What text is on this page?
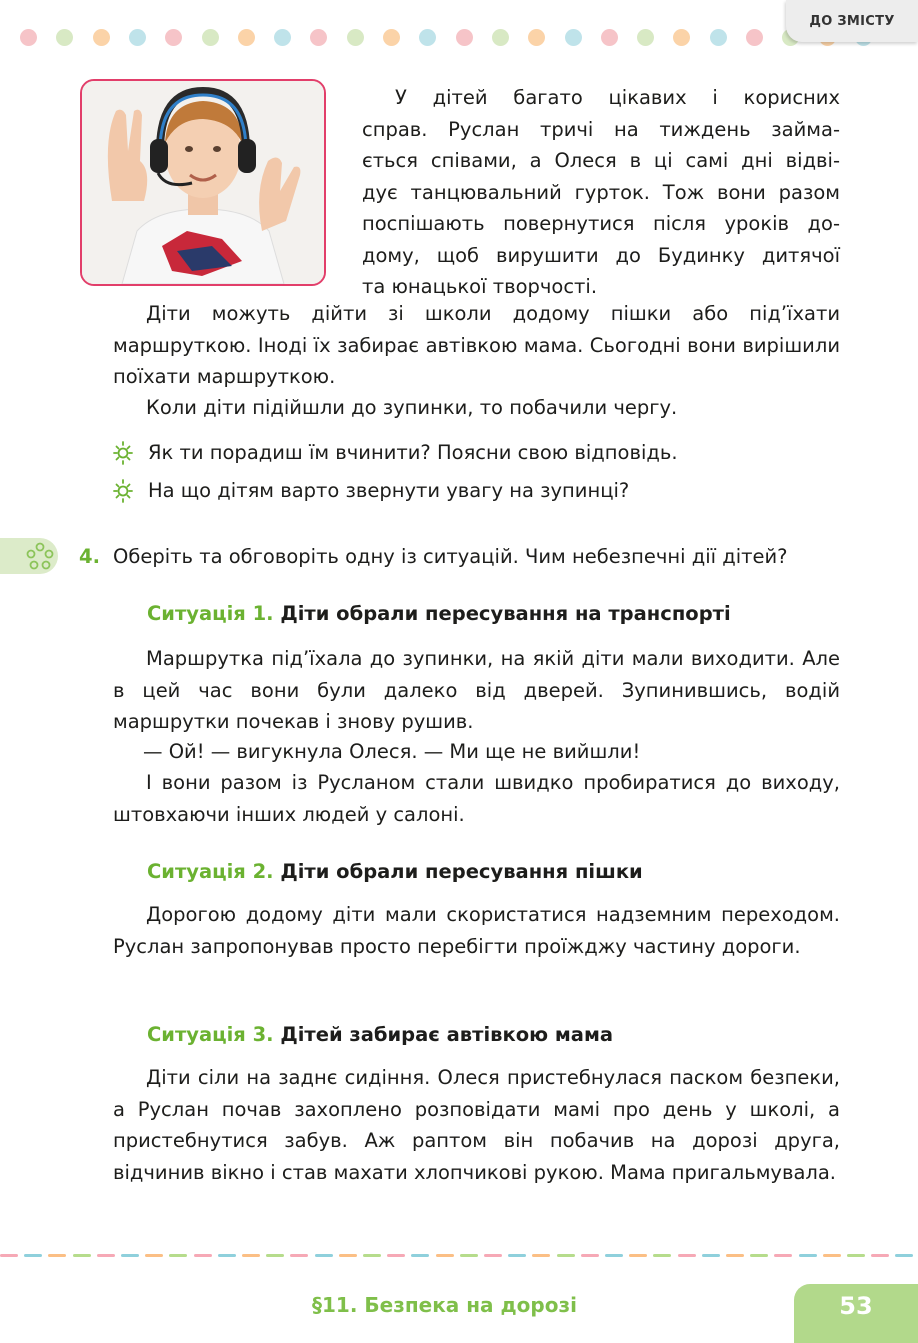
ДО ЗМІСТУ
У дітей багато цікавих і корисних
справ. Руслан тричі на тиждень займа-
ється співами, а Олеся в ці самі дні відві-
дує танцювальний гурток. Тож вони разом
поспішають повернутися після уроків до-
дому, щоб вирушити до Будинку дитячої
та юнацької творчості.

Діти можуть дійти зі школи додому пішки або під’їхати маршруткою. Іноді їх забирає автівкою мама. Сьогодні вони вирішили поїхати маршруткою.

Коли діти підійшли до зупинки, то побачили чергу.

Як ти порадиш їм вчинити? Поясни свою відповідь.
На що дітям варто звернути увагу на зупинці?
4. Оберіть та обговоріть одну із ситуацій. Чим небезпечні дії дітей?
Ситуація 1. Діти обрали пересування на транспорті

Маршрутка під’їхала до зупинки, на якій діти мали виходити. Але в цей час вони були далеко від дверей. Зупинившись, водій маршрутки почекав і знову рушив.

— Ой! — вигукнула Олеся. — Ми ще не вийшли!

І вони разом із Русланом стали швидко пробиратися до виходу, штовхаючи інших людей у салоні.

Ситуація 2. Діти обрали пересування пішки

Дорогою додому діти мали скористатися надземним переходом. Руслан запропонував просто перебігти проїжджу частину дороги.

Ситуація 3. Дітей забирає автівкою мама

Діти сіли на заднє сидіння. Олеся пристебнулася паском безпеки, а Руслан почав захоплено розповідати мамі про день у школі, а пристебнутися забув. Аж раптом він побачив на дорозі друга, відчинив вікно і став махати хлопчикові рукою. Мама пригальмувала.

§11. Безпека на дорозі	53
